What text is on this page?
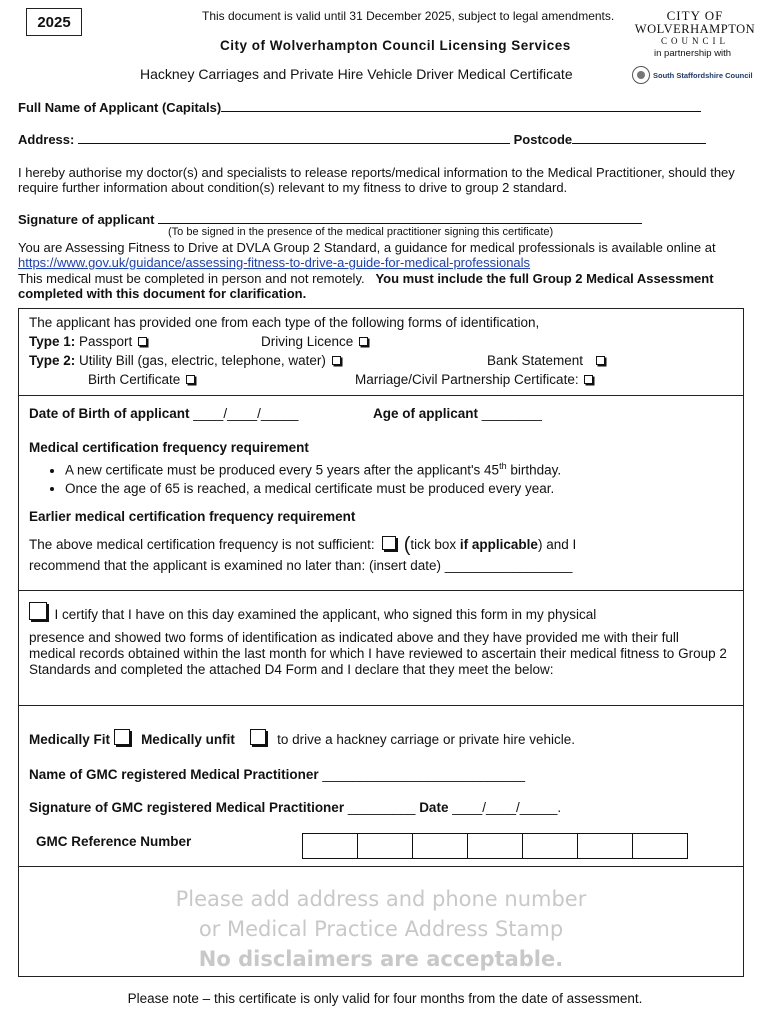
2025	This document is valid until 31 December 2025, subject to legal amendments.
City of Wolverhampton Council Licensing Services
Hackney Carriages and Private Hire Vehicle Driver Medical Certificate
CITY OF
WOLVERHAMPTON
COUNCIL
in partnership with
South Staffordshire Council
Full Name of Applicant (Capitals)
Address:	Postcode
I hereby authorise my doctor(s) and specialists to release reports/medical information to the Medical Practitioner, should they require further information about condition(s) relevant to my fitness to drive to group 2 standard.
Signature of applicant
(To be signed in the presence of the medical practitioner signing this certificate)
You are Assessing Fitness to Drive at DVLA Group 2 Standard, a guidance for medical professionals is available online at https://www.gov.uk/guidance/assessing-fitness-to-drive-a-guide-for-medical-professionals
This medical must be completed in person and not remotely. You must include the full Group 2 Medical Assessment completed with this document for clarification.
The applicant has provided one from each type of the following forms of identification,
Type 1: Passport	Driving Licence
Type 2: Utility Bill (gas, electric, telephone, water)	Bank Statement
Birth Certificate	Marriage/Civil Partnership Certificate:
Date of Birth of applicant ____/____/_____	Age of applicant ________
Medical certification frequency requirement
• A new certificate must be produced every 5 years after the applicant's 45th birthday.
• Once the age of 65 is reached, a medical certificate must be produced every year.
Earlier medical certification frequency requirement
The above medical certification frequency is not sufficient: (tick box if applicable) and I
recommend that the applicant is examined no later than: (insert date) _________________
I certify that I have on this day examined the applicant, who signed this form in my physical
presence and showed two forms of identification as indicated above and they have provided me with their full medical records obtained within the last month for which I have reviewed to ascertain their medical fitness to Group 2 Standards and completed the attached D4 Form and I declare that they meet the below:
Medically Fit Medically unfit	to drive a hackney carriage or private hire vehicle.
Name of GMC registered Medical Practitioner ___________________________
Signature of GMC registered Medical Practitioner _________ Date ____/____/_____.
GMC Reference Number
Please add address and phone number
or Medical Practice Address Stamp
No disclaimers are acceptable.
Please note – this certificate is only valid for four months from the date of assessment.
